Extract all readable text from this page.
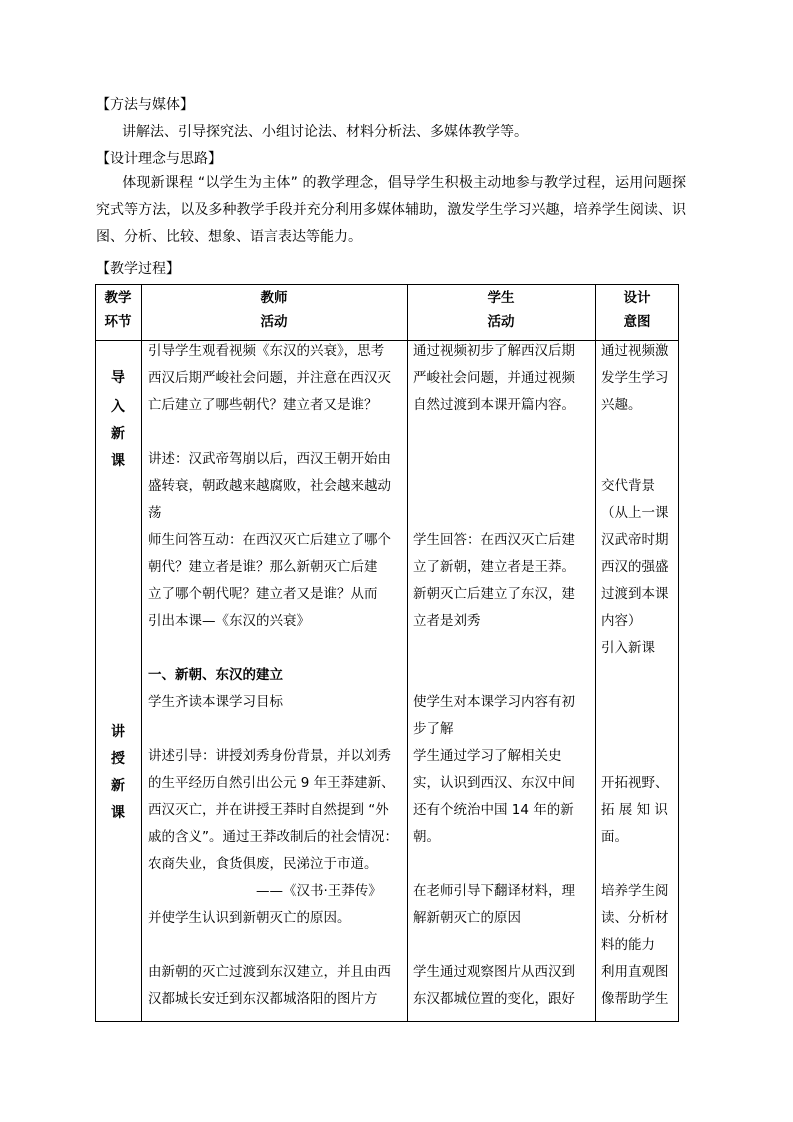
【方法与媒体】
讲解法、引导探究法、小组讨论法、材料分析法、多媒体教学等。
【设计理念与思路】
体现新课程 “以学生为主体” 的教学理念，倡导学生积极主动地参与教学过程，运用问题探究式等方法，以及多种教学手段并充分利用多媒体辅助，激发学生学习兴趣，培养学生阅读、识图、分析、比较、想象、语言表达等能力。
【教学过程】
教学
环节
教师
活动
学生
活动
设计
意图
导
入
新
课
讲
授
新
课
引导学生观看视频《东汉的兴衰》，思考
西汉后期严峻社会问题，并注意在西汉灭
亡后建立了哪些朝代？建立者又是谁？
讲述：汉武帝驾崩以后，西汉王朝开始由
盛转衰，朝政越来越腐败，社会越来越动
荡
师生问答互动：在西汉灭亡后建立了哪个
朝代？建立者是谁？那么新朝灭亡后建
立了哪个朝代呢？建立者又是谁？从而
引出本课—《东汉的兴衰》
一、新朝、东汉的建立
学生齐读本课学习目标
讲述引导：讲授刘秀身份背景，并以刘秀
的生平经历自然引出公元 9 年王莽建新、
西汉灭亡，并在讲授王莽时自然提到 “外
戚的含义”。通过王莽改制后的社会情况：
农商失业，食货俱废，民涕泣于市道。
——《汉书·王莽传》
并使学生认识到新朝灭亡的原因。
由新朝的灭亡过渡到东汉建立，并且由西
汉都城长安迁到东汉都城洛阳的图片方
通过视频初步了解西汉后期
严峻社会问题，并通过视频
自然过渡到本课开篇内容。
学生回答：在西汉灭亡后建
立了新朝，建立者是王莽。
新朝灭亡后建立了东汉，建
立者是刘秀
使学生对本课学习内容有初
步了解
学生通过学习了解相关史
实，认识到西汉、东汉中间
还有个统治中国 14 年的新
朝。
在老师引导下翻译材料，理
解新朝灭亡的原因
学生通过观察图片从西汉到
东汉都城位置的变化，跟好
通过视频激
发学生学习
兴趣。
交代背景
（从上一课
汉武帝时期
西汉的强盛
过渡到本课
内容）
引入新课
开拓视野、
拓 展 知 识
面。
培养学生阅
读、分析材
料的能力
利用直观图
像帮助学生
